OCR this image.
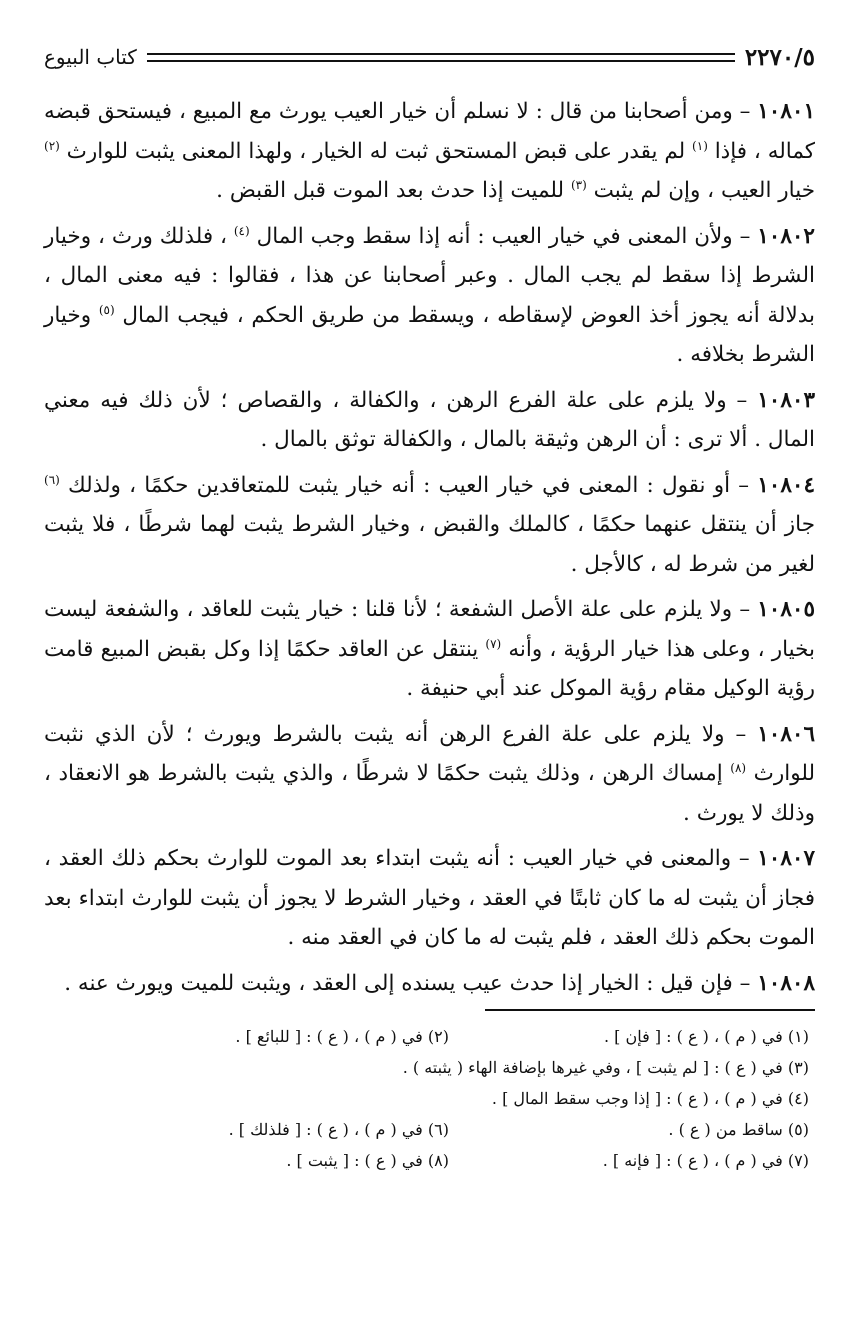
كتاب البيوع	٢٢٧٠/٥

١٠٨٠١ – ومن أصحابنا من قال : لا نسلم أن خيار العيب يورث مع المبيع ، فيستحق قبضه كماله ، فإذا $^{(١)}$ لم يقدر على قبض المستحق ثبت له الخيار ، ولهذا المعنى يثبت للوارث $^{(٢)}$ خيار العيب ، وإن لم يثبت $^{(٣)}$ للميت إذا حدث بعد الموت قبل القبض .

١٠٨٠٢ – ولأن المعنى في خيار العيب : أنه إذا سقط وجب المال $^{(٤)}$ ، فلذلك ورث ، وخيار الشرط إذا سقط لم يجب المال . وعبر أصحابنا عن هذا ، فقالوا : فيه معنى المال ، بدلالة أنه يجوز أخذ العوض لإسقاطه ، ويسقط من طريق الحكم ، فيجب المال $^{(٥)}$ وخيار الشرط بخلافه .

١٠٨٠٣ – ولا يلزم على علة الفرع الرهن ، والكفالة ، والقصاص ؛ لأن ذلك فيه معني المال . ألا ترى : أن الرهن وثيقة بالمال ، والكفالة توثق بالمال .

١٠٨٠٤ – أو نقول : المعنى في خيار العيب : أنه خيار يثبت للمتعاقدين حكمًا ، ولذلك $^{(٦)}$ جاز أن ينتقل عنهما حكمًا ، كالملك والقبض ، وخيار الشرط يثبت لهما شرطًا ، فلا يثبت لغير من شرط له ، كالأجل .

١٠٨٠٥ – ولا يلزم على علة الأصل الشفعة ؛ لأنا قلنا : خيار يثبت للعاقد ، والشفعة ليست بخيار ، وعلى هذا خيار الرؤية ، وأنه $^{(٧)}$ ينتقل عن العاقد حكمًا إذا وكل بقبض المبيع قامت رؤية الوكيل مقام رؤية الموكل عند أبي حنيفة .

١٠٨٠٦ – ولا يلزم على علة الفرع الرهن أنه يثبت بالشرط ويورث ؛ لأن الذي نثبت للوارث $^{(٨)}$ إمساك الرهن ، وذلك يثبت حكمًا لا شرطًا ، والذي يثبت بالشرط هو الانعقاد ، وذلك لا يورث .

١٠٨٠٧ – والمعنى في خيار العيب : أنه يثبت ابتداء بعد الموت للوارث بحكم ذلك العقد ، فجاز أن يثبت له ما كان ثابتًا في العقد ، وخيار الشرط لا يجوز أن يثبت للوارث ابتداء بعد الموت بحكم ذلك العقد ، فلم يثبت له ما كان في العقد منه .

١٠٨٠٨ – فإن قيل : الخيار إذا حدث عيب يسنده إلى العقد ، ويثبت للميت ويورث عنه .

(١) في ( م ) ، ( ع ) : [ فإن ] .
(٢) في ( م ) ، ( ع ) : [ للبائع ] .
(٣) في ( ع ) : [ لم يثبت ] ، وفي غيرها بإضافة الهاء ( يثبته ) .
(٤) في ( م ) ، ( ع ) : [ إذا وجب سقط المال ] .
(٥) ساقط من ( ع ) .
(٦) في ( م ) ، ( ع ) : [ فلذلك ] .
(٧) في ( م ) ، ( ع ) : [ فإنه ] .
(٨) في ( ع ) : [ يثبت ] .
